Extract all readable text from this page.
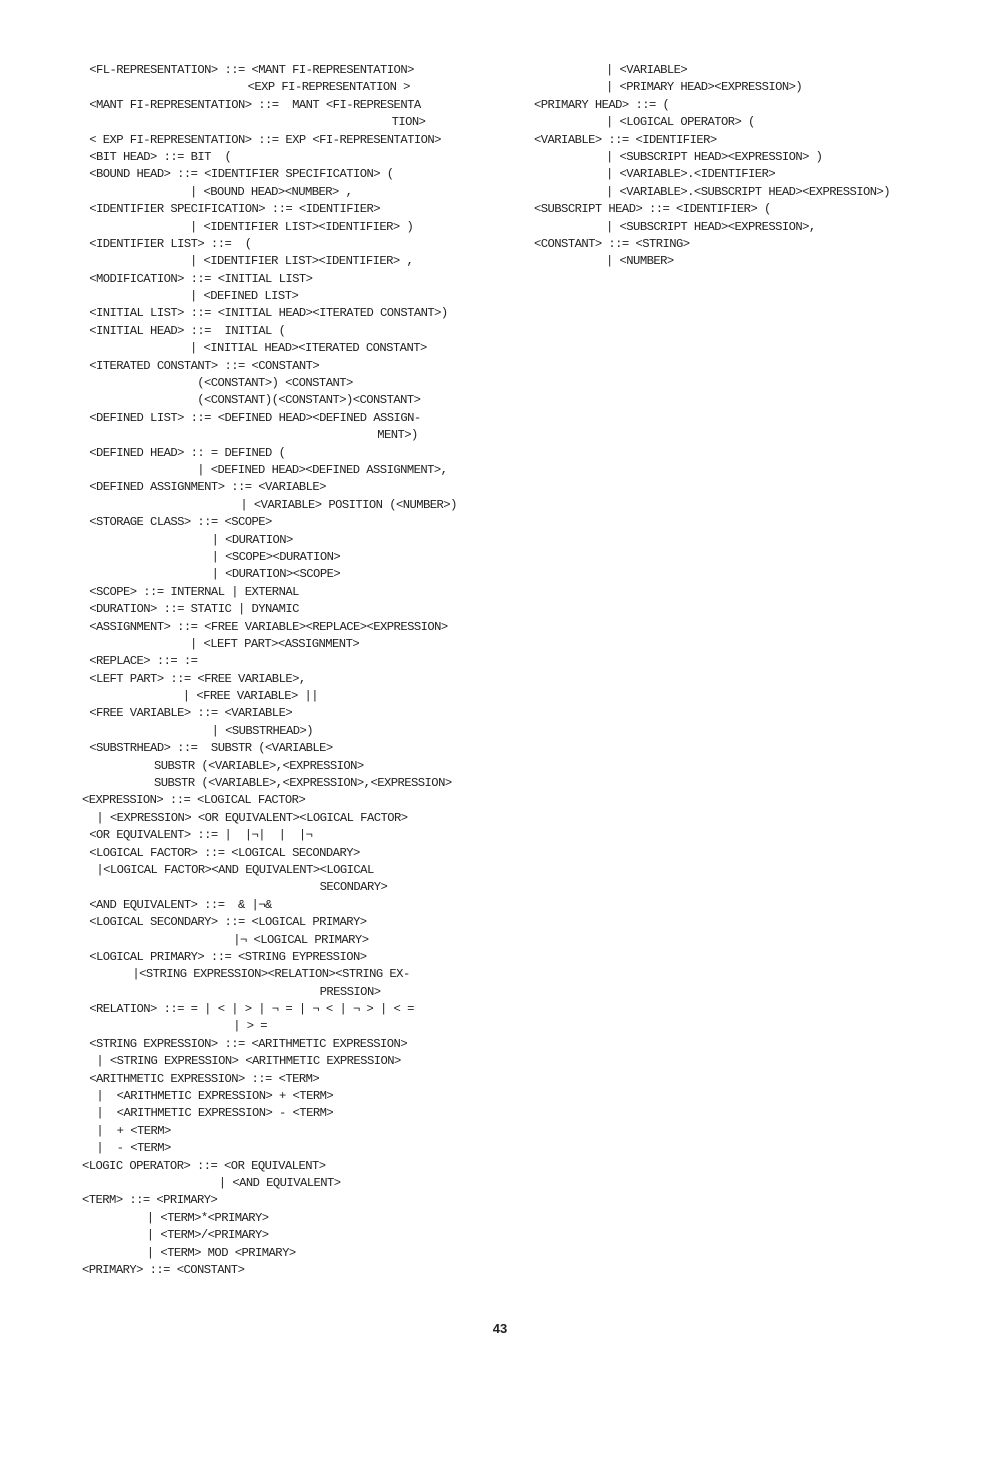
<FL-REPRESENTATION> ::= <MANT FI-REPRESENTATION>
<EXP FI-REPRESENTATION >
<MANT FI-REPRESENTATION> ::=  MANT <FI-REPRESENTA
TION>
< EXP FI-REPRESENTATION> ::= EXP <FI-REPRESENTATION>
<BIT HEAD> ::= BIT  (
<BOUND HEAD> ::= <IDENTIFIER SPECIFICATION> (
| <BOUND HEAD><NUMBER> ,
<IDENTIFIER SPECIFICATION> ::= <IDENTIFIER>
| <IDENTIFIER LIST><IDENTIFIER> )
<IDENTIFIER LIST> ::=  (
| <IDENTIFIER LIST><IDENTIFIER> ,
<MODIFICATION> ::= <INITIAL LIST>
| <DEFINED LIST>
<INITIAL LIST> ::= <INITIAL HEAD><ITERATED CONSTANT>)
<INITIAL HEAD> ::=  INITIAL (
| <INITIAL HEAD><ITERATED CONSTANT>
<ITERATED CONSTANT> ::= <CONSTANT>
(<CONSTANT>) <CONSTANT>
(<CONSTANT)(<CONSTANT>)<CONSTANT>
<DEFINED LIST> ::= <DEFINED HEAD><DEFINED ASSIGN-
MENT>)
<DEFINED HEAD> :: = DEFINED (
| <DEFINED HEAD><DEFINED ASSIGNMENT>,
<DEFINED ASSIGNMENT> ::= <VARIABLE>
| <VARIABLE> POSITION (<NUMBER>)
<STORAGE CLASS> ::= <SCOPE>
| <DURATION>
| <SCOPE><DURATION>
| <DURATION><SCOPE>
<SCOPE> ::= INTERNAL | EXTERNAL
<DURATION> ::= STATIC | DYNAMIC
<ASSIGNMENT> ::= <FREE VARIABLE><REPLACE><EXPRESSION>
| <LEFT PART><ASSIGNMENT>
<REPLACE> ::= :=
<LEFT PART> ::= <FREE VARIABLE>,
| <FREE VARIABLE> ||
<FREE VARIABLE> ::= <VARIABLE>
| <SUBSTRHEAD>)
<SUBSTRHEAD> ::=  SUBSTR (<VARIABLE>
SUBSTR (<VARIABLE>,<EXPRESSION>
SUBSTR (<VARIABLE>,<EXPRESSION>,<EXPRESSION>
<EXPRESSION> ::= <LOGICAL FACTOR>
| <EXPRESSION> <OR EQUIVALENT><LOGICAL FACTOR>
<OR EQUIVALENT> ::= |  |¬|  |  |¬
<LOGICAL FACTOR> ::= <LOGICAL SECONDARY>
|<LOGICAL FACTOR><AND EQUIVALENT><LOGICAL
SECONDARY>
<AND EQUIVALENT> ::=  & |¬&
<LOGICAL SECONDARY> ::= <LOGICAL PRIMARY>
|¬ <LOGICAL PRIMARY>
<LOGICAL PRIMARY> ::= <STRING EYPRESSION>
|<STRING EXPRESSION><RELATION><STRING EX-
PRESSION>
<RELATION> ::= = | < | > | ¬ = | ¬ < | ¬ > | < =
| > =
<STRING EXPRESSION> ::= <ARITHMETIC EXPRESSION>
| <STRING EXPRESSION> <ARITHMETIC EXPRESSION>
<ARITHMETIC EXPRESSION> ::= <TERM>
|  <ARITHMETIC EXPRESSION> + <TERM>
|  <ARITHMETIC EXPRESSION> - <TERM>
|  + <TERM>
|  - <TERM>
<LOGIC OPERATOR> ::= <OR EQUIVALENT>
| <AND EQUIVALENT>
<TERM> ::= <PRIMARY>
| <TERM>*<PRIMARY>
| <TERM>/<PRIMARY>
| <TERM> MOD <PRIMARY>
<PRIMARY> ::= <CONSTANT>
| <VARIABLE>
| <PRIMARY HEAD><EXPRESSION>)
<PRIMARY HEAD> ::= (
| <LOGICAL OPERATOR> (
<VARIABLE> ::= <IDENTIFIER>
| <SUBSCRIPT HEAD><EXPRESSION> )
| <VARIABLE>.<IDENTIFIER>
| <VARIABLE>.<SUBSCRIPT HEAD><EXPRESSION>)
<SUBSCRIPT HEAD> ::= <IDENTIFIER> (
| <SUBSCRIPT HEAD><EXPRESSION>,
<CONSTANT> ::= <STRING>
| <NUMBER>
43
